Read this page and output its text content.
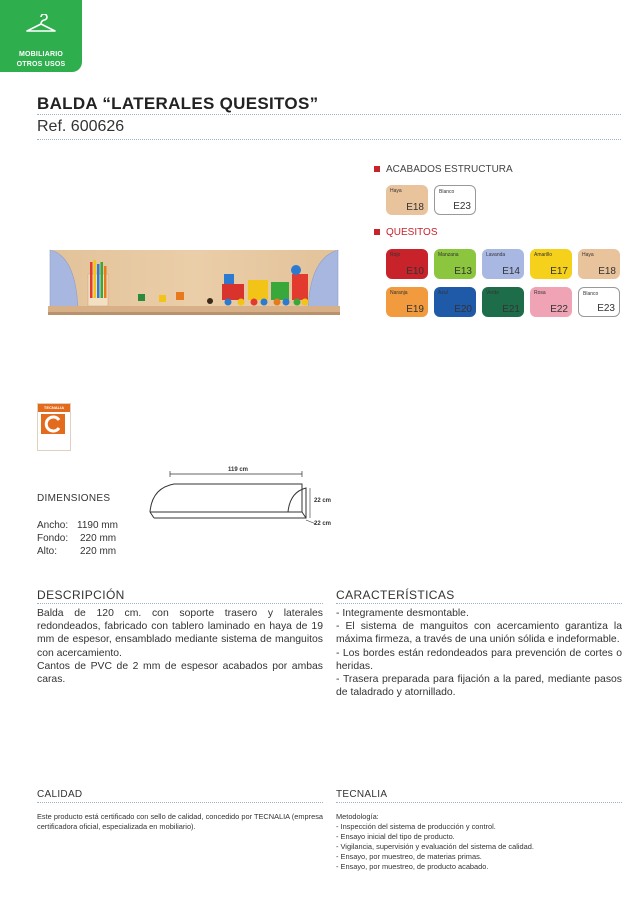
MOBILIARIO
OTROS USOS
BALDA “LATERALES QUESITOS”
Ref. 600626
ACABADOS ESTRUCTURA
Haya
E18
Blanco
E23
QUESITOS
Rojo
E10
Manzana
E13
Lavanda
E14
Amarillo
E17
Haya
E18
Naranja
E19
Azul
E20
Verde
E21
Rosa
E22
Blanco
E23
TECNALIA
DIMENSIONES
Ancho: 1190 mm
Fondo: 220 mm
Alto: 220 mm
119 cm
22 cm
22 cm
DESCRIPCIÓN
Balda de 120 cm. con soporte trasero y laterales redondeados, fabricado con tablero laminado en haya de 19 mm de espesor, ensamblado mediante sistema de manguitos con acercamiento.
Cantos de PVC de 2 mm de espesor acabados por ambas caras.
CARACTERÍSTICAS
- Integramente desmontable.
- El sistema de manguitos con acercamiento garantiza la máxima firmeza, a través de una unión sólida e indeformable.
- Los bordes están redondeados para prevención de cortes o heridas.
- Trasera preparada para fijación a la pared, mediante pasos de taladrado y atornillado.
CALIDAD
Este producto está certificado con sello de calidad, concedido por TECNALIA (empresa certificadora oficial, especializada en mobiliario).
TECNALIA
Metodología:
- Inspección del sistema de producción y control.
- Ensayo inicial del tipo de producto.
- Vigilancia, supervisión y evaluación del sistema de calidad.
- Ensayo, por muestreo, de materias primas.
- Ensayo, por muestreo, de producto acabado.
